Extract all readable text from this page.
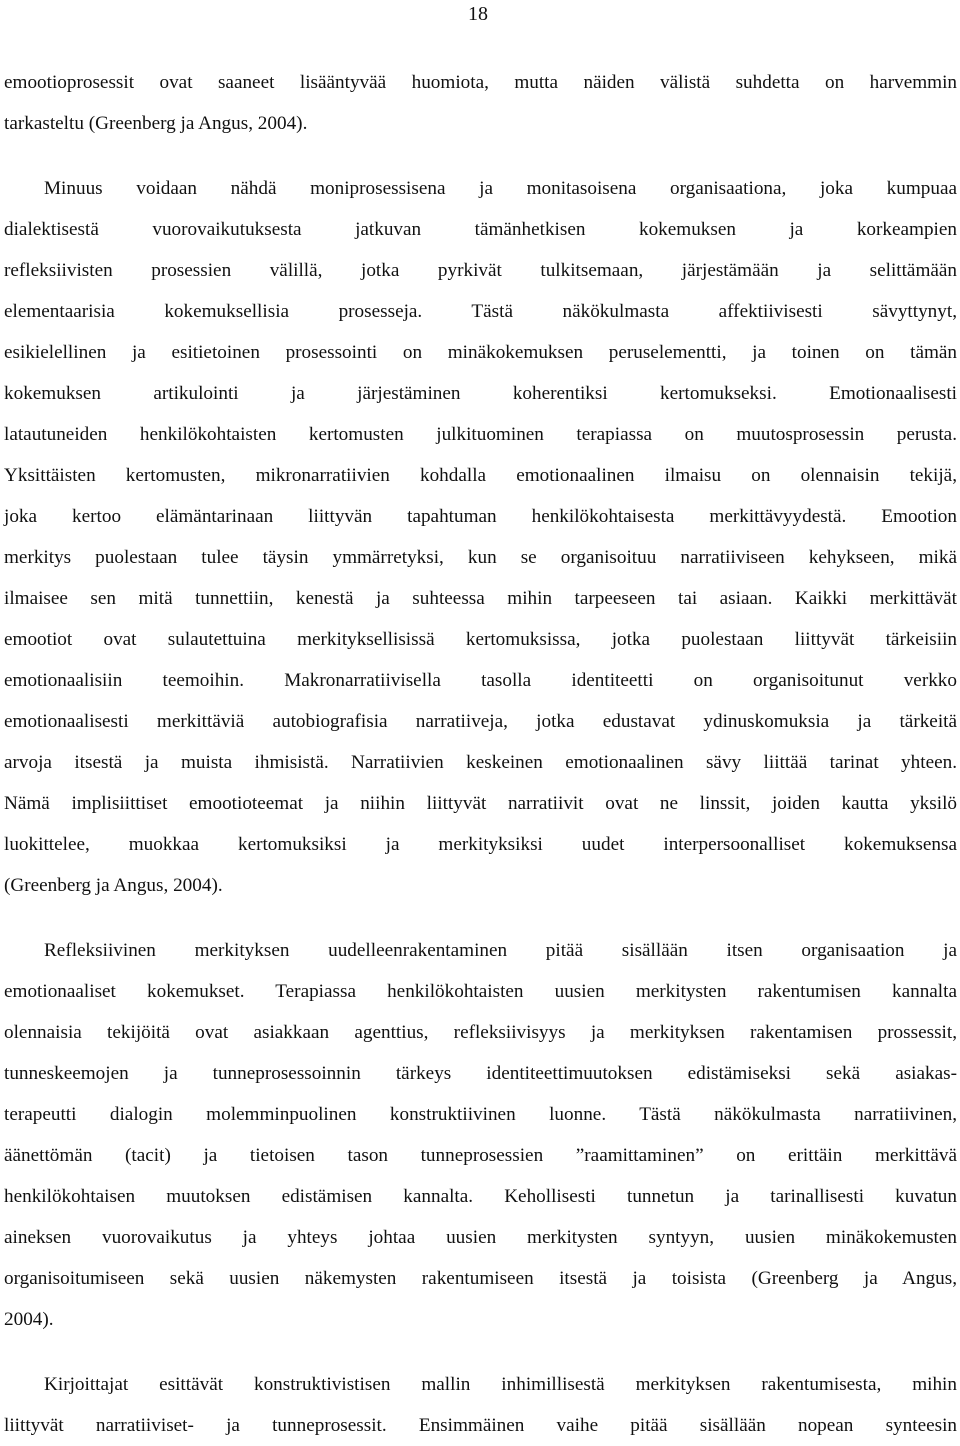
18
emootioprosessit ovat saaneet lisääntyvää huomiota, mutta näiden välistä suhdetta on harvemmin
tarkasteltu (Greenberg ja Angus, 2004).
Minuus voidaan nähdä moniprosessisena ja monitasoisena organisaationa, joka kumpuaa
dialektisestä vuorovaikutuksesta jatkuvan tämänhetkisen kokemuksen ja korkeampien
refleksiivisten prosessien välillä, jotka pyrkivät tulkitsemaan, järjestämään ja selittämään
elementaarisia kokemuksellisia prosesseja. Tästä näkökulmasta affektiivisesti sävyttynyt,
esikielellinen ja esitietoinen prosessointi on minäkokemuksen peruselementti, ja toinen on tämän
kokemuksen artikulointi ja järjestäminen koherentiksi kertomukseksi. Emotionaalisesti
latautuneiden henkilökohtaisten kertomusten julkituominen terapiassa on muutosprosessin perusta.
Yksittäisten kertomusten, mikronarratiivien kohdalla emotionaalinen ilmaisu on olennaisin tekijä,
joka kertoo elämäntarinaan liittyvän tapahtuman henkilökohtaisesta merkittävyydestä. Emootion
merkitys puolestaan tulee täysin ymmärretyksi, kun se organisoituu narratiiviseen kehykseen, mikä
ilmaisee sen mitä tunnettiin, kenestä ja suhteessa mihin tarpeeseen tai asiaan. Kaikki merkittävät
emootiot ovat sulautettuina merkityksellisissä kertomuksissa, jotka puolestaan liittyvät tärkeisiin
emotionaalisiin teemoihin. Makronarratiivisella tasolla identiteetti on organisoitunut verkko
emotionaalisesti merkittäviä autobiografisia narratiiveja, jotka edustavat ydinuskomuksia ja tärkeitä
arvoja itsestä ja muista ihmisistä. Narratiivien keskeinen emotionaalinen sävy liittää tarinat yhteen.
Nämä implisiittiset emootioteemat ja niihin liittyvät narratiivit ovat ne linssit, joiden kautta yksilö
luokittelee, muokkaa kertomuksiksi ja merkityksiksi uudet interpersoonalliset kokemuksensa
(Greenberg ja Angus, 2004).
Refleksiivinen merkityksen uudelleenrakentaminen pitää sisällään itsen organisaation ja
emotionaaliset kokemukset. Terapiassa henkilökohtaisten uusien merkitysten rakentumisen kannalta
olennaisia tekijöitä ovat asiakkaan agenttius, refleksiivisyys ja merkityksen rakentamisen prossessit,
tunneskeemojen ja tunneprosessoinnin tärkeys identiteettimuutoksen edistämiseksi sekä asiakas-
terapeutti dialogin molemminpuolinen konstruktiivinen luonne. Tästä näkökulmasta narratiivinen,
äänettömän (tacit) ja tietoisen tason tunneprosessien ”raamittaminen” on erittäin merkittävä
henkilökohtaisen muutoksen edistämisen kannalta. Kehollisesti tunnetun ja tarinallisesti kuvatun
aineksen vuorovaikutus ja yhteys johtaa uusien merkitysten syntyyn, uusien minäkokemusten
organisoitumiseen sekä uusien näkemysten rakentumiseen itsestä ja toisista (Greenberg ja Angus,
2004).
Kirjoittajat esittävät konstruktivistisen mallin inhimillisestä merkityksen rakentumisesta, mihin
liittyvät narratiiviset- ja tunneprosessit. Ensimmäinen vaihe pitää sisällään nopean synteesin
